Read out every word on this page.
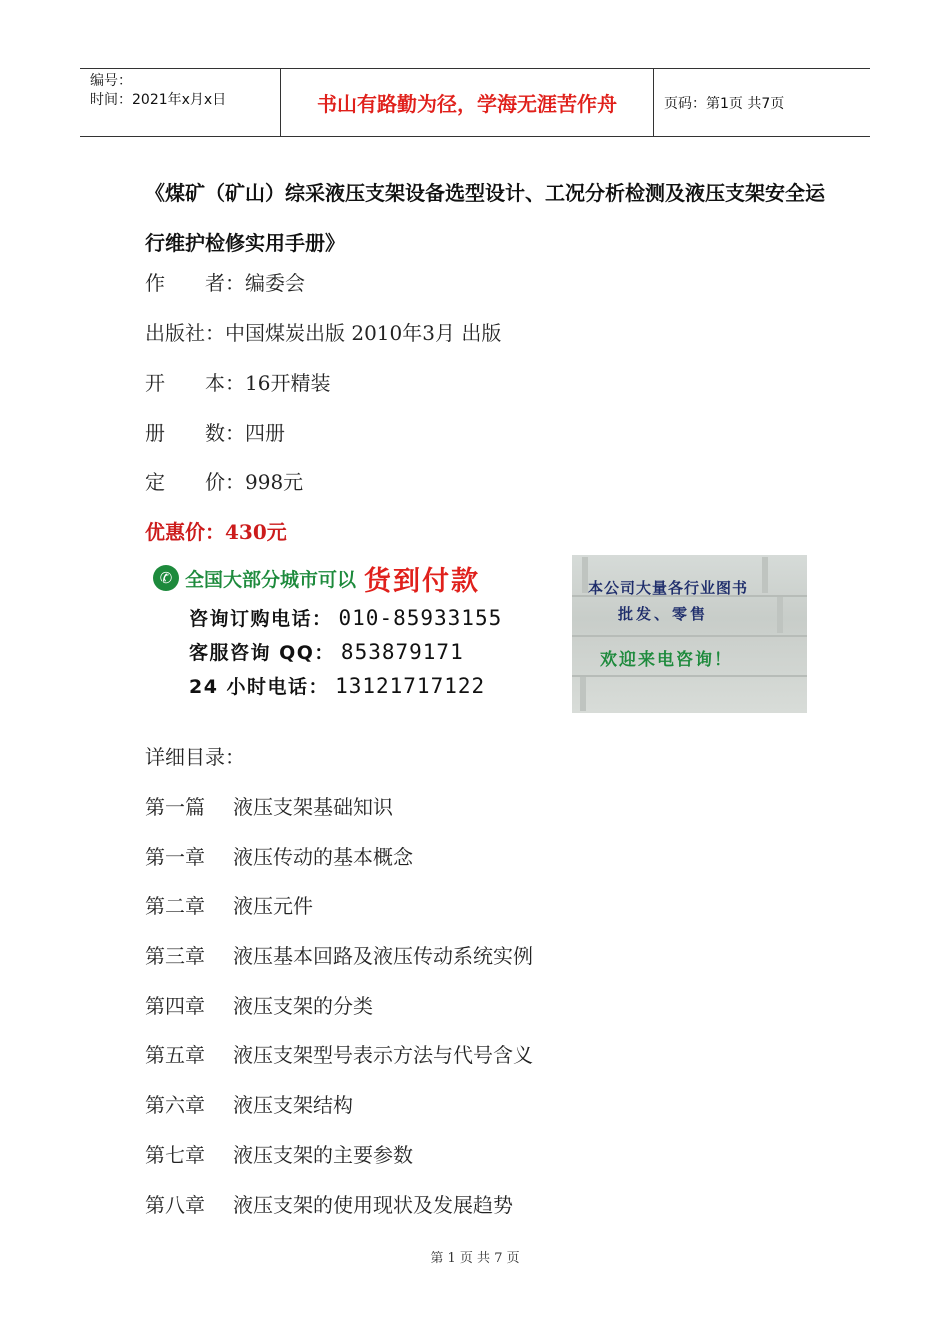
编号：
时间：2021年x月x日	书山有路勤为径，学海无涯苦作舟	页码：第1页 共7页
《煤矿（矿山）综采液压支架设备选型设计、工况分析检测及液压支架安全运行维护检修实用手册》
作　　者：编委会
出版社：中国煤炭出版 2010年3月 出版
开　　本：16开精装
册　　数：四册
定　　价：998元
优惠价：430元
✆ 全国大部分城市可以 货到付款
咨询订购电话： 010-85933155
客服咨询 QQ： 853879171
24 小时电话： 13121717122
本公司大量各行业图书
批发、零售
欢迎来电咨询！
详细目录：
第一篇 液压支架基础知识
第一章 液压传动的基本概念
第二章 液压元件
第三章 液压基本回路及液压传动系统实例
第四章 液压支架的分类
第五章 液压支架型号表示方法与代号含义
第六章 液压支架结构
第七章 液压支架的主要参数
第八章 液压支架的使用现状及发展趋势
第 1 页 共 7 页
